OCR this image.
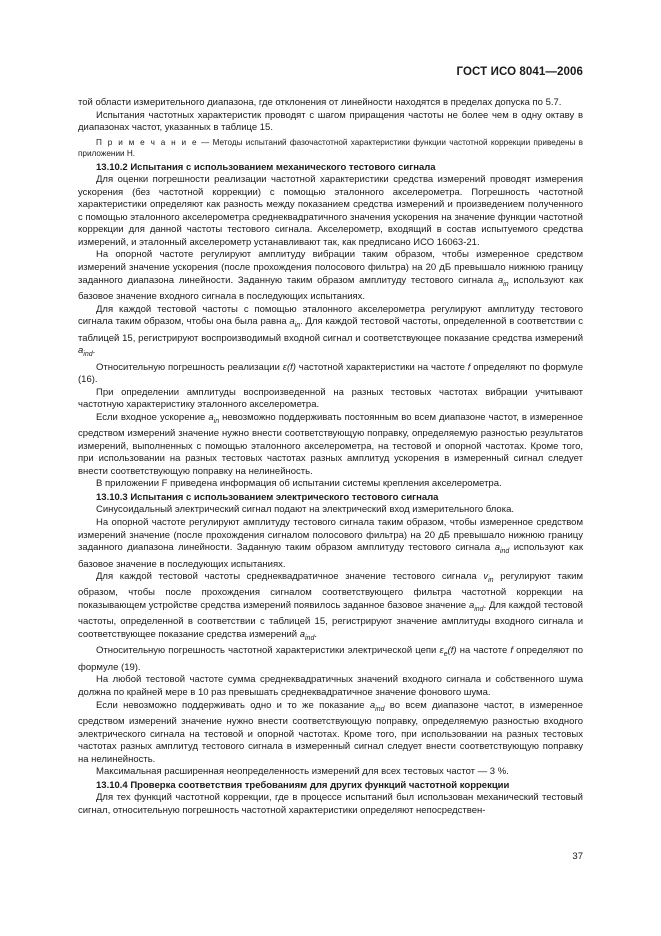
ГОСТ ИСО 8041—2006

той области измерительного диапазона, где отклонения от линейности находятся в пределах допуска по 5.7.

Испытания частотных характеристик проводят с шагом приращения частоты не более чем в одну октаву в диапазонах частот, указанных в таблице 15.

П р и м е ч а н и е — Методы испытаний фазочастотной характеристики функции частотной коррекции приведены в приложении Н.

13.10.2 Испытания с использованием механического тестового сигнала

Для оценки погрешности реализации частотной характеристики средства измерений проводят измерения ускорения (без частотной коррекции) с помощью эталонного акселерометра. Погрешность частотной характеристики определяют как разность между показанием средства измерений и произведением полученного с помощью эталонного акселерометра среднеквадратичного значения ускорения на значение функции частотной коррекции для данной частоты тестового сигнала. Акселерометр, входящий в состав испытуемого средства измерений, и эталонный акселерометр устанавливают так, как предписано ИСО 16063-21.

На опорной частоте регулируют амплитуду вибрации таким образом, чтобы измеренное средством измерений значение ускорения (после прохождения полосового фильтра) на 20 дБ превышало нижнюю границу заданного диапазона линейности. Заданную таким образом амплитуду тестового сигнала $a_{in}$ используют как базовое значение входного сигнала в последующих испытаниях.

Для каждой тестовой частоты с помощью эталонного акселерометра регулируют амплитуду тестового сигнала таким образом, чтобы она была равна $a_{in}$. Для каждой тестовой частоты, определенной в соответствии с таблицей 15, регистрируют воспроизводимый входной сигнал и соответствующее показание средства измерений $a_{ind}$.

Относительную погрешность реализации ε(f) частотной характеристики на частоте f определяют по формуле (16).

При определении амплитуды воспроизведенной на разных тестовых частотах вибрации учитывают частотную характеристику эталонного акселерометра.

Если входное ускорение $a_{in}$ невозможно поддерживать постоянным во всем диапазоне частот, в измеренное средством измерений значение нужно внести соответствующую поправку, определяемую разностью результатов измерений, выполненных с помощью эталонного акселерометра, на тестовой и опорной частотах. Кроме того, при использовании на разных тестовых частотах разных амплитуд ускорения в измеренный сигнал следует внести соответствующую поправку на нелинейность.

В приложении F приведена информация об испытании системы крепления акселерометра.

13.10.3 Испытания с использованием электрического тестового сигнала

Синусоидальный электрический сигнал подают на электрический вход измерительного блока.

На опорной частоте регулируют амплитуду тестового сигнала таким образом, чтобы измеренное средством измерений значение (после прохождения сигналом полосового фильтра) на 20 дБ превышало нижнюю границу заданного диапазона линейности. Заданную таким образом амплитуду тестового сигнала $a_{ind}$ используют как базовое значение в последующих испытаниях.

Для каждой тестовой частоты среднеквадратичное значение тестового сигнала $v_{in}$ регулируют таким образом, чтобы после прохождения сигналом соответствующего фильтра частотной коррекции на показывающем устройстве средства измерений появилось заданное базовое значение $a_{ind}$. Для каждой тестовой частоты, определенной в соответствии с таблицей 15, регистрируют значение амплитуды входного сигнала и соответствующее показание средства измерений $a_{ind}$.

Относительную погрешность частотной характеристики электрической цепи $\varepsilon_e(f)$ на частоте f определяют по формуле (19).

На любой тестовой частоте сумма среднеквадратичных значений входного сигнала и собственного шума должна по крайней мере в 10 раз превышать среднеквадратичное значение фонового шума.

Если невозможно поддерживать одно и то же показание $a_{ind}$ во всем диапазоне частот, в измеренное средством измерений значение нужно внести соответствующую поправку, определяемую разностью входного электрического сигнала на тестовой и опорной частотах. Кроме того, при использовании на разных тестовых частотах разных амплитуд тестового сигнала в измеренный сигнал следует внести соответствующую поправку на нелинейность.

Максимальная расширенная неопределенность измерений для всех тестовых частот — 3 %.

13.10.4 Проверка соответствия требованиям для других функций частотной коррекции

Для тех функций частотной коррекции, где в процессе испытаний был использован механический тестовый сигнал, относительную погрешность частотной характеристики определяют непосредствен-

37
